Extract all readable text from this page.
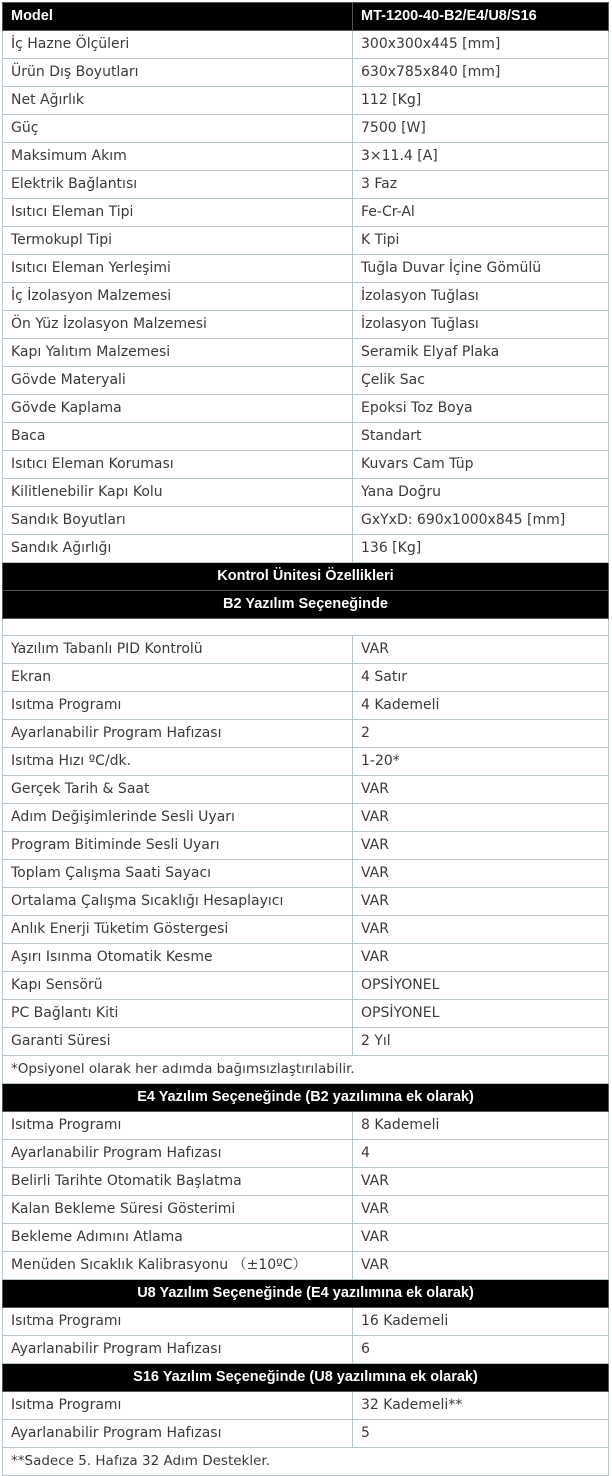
Model	MT-1200-40-B2/E4/U8/S16
İç Hazne Ölçüleri	300x300x445 [mm]
Ürün Dış Boyutları	630x785x840 [mm]
Net Ağırlık	112 [Kg]
Güç	7500 [W]
Maksimum Akım	3×11.4 [A]
Elektrik Bağlantısı	3 Faz
Isıtıcı Eleman Tipi	Fe-Cr-Al
Termokupl Tipi	K Tipi
Isıtıcı Eleman Yerleşimi	Tuğla Duvar İçine Gömülü
İç İzolasyon Malzemesi	İzolasyon Tuğlası
Ön Yüz İzolasyon Malzemesi	İzolasyon Tuğlası
Kapı Yalıtım Malzemesi	Seramik Elyaf Plaka
Gövde Materyali	Çelik Sac
Gövde Kaplama	Epoksi Toz Boya
Baca	Standart
Isıtıcı Eleman Koruması	Kuvars Cam Tüp
Kilitlenebilir Kapı Kolu	Yana Doğru
Sandık Boyutları	GxYxD: 690x1000x845 [mm]
Sandık Ağırlığı	136 [Kg]
Kontrol Ünitesi Özellikleri	
B2 Yazılım Seçeneğinde	

Yazılım Tabanlı PID Kontrolü	VAR
Ekran	4 Satır
Isıtma Programı	4 Kademeli
Ayarlanabilir Program Hafızası	2
Isıtma Hızı ºC/dk.	1-20*
Gerçek Tarih & Saat	VAR
Adım Değişimlerinde Sesli Uyarı	VAR
Program Bitiminde Sesli Uyarı	VAR
Toplam Çalışma Saati Sayacı	VAR
Ortalama Çalışma Sıcaklığı Hesaplayıcı	VAR
Anlık Enerji Tüketim Göstergesi	VAR
Aşırı Isınma Otomatik Kesme	VAR
Kapı Sensörü	OPSİYONEL
PC Bağlantı Kiti	OPSİYONEL
Garanti Süresi	2 Yıl
*Opsiyonel olarak her adımda bağımsızlaştırılabilir.	
E4 Yazılım Seçeneğinde (B2 yazılımına ek olarak)	
Isıtma Programı	8 Kademeli
Ayarlanabilir Program Hafızası	4
Belirli Tarihte Otomatik Başlatma	VAR
Kalan Bekleme Süresi Gösterimi	VAR
Bekleme Adımını Atlama	VAR
Menüden Sıcaklık Kalibrasyonu （±10ºC）	VAR
U8 Yazılım Seçeneğinde (E4 yazılımına ek olarak)	
Isıtma Programı	16 Kademeli
Ayarlanabilir Program Hafızası	6
S16 Yazılım Seçeneğinde (U8 yazılımına ek olarak)	
Isıtma Programı	32 Kademeli**
Ayarlanabilir Program Hafızası	5
**Sadece 5. Hafıza 32 Adım Destekler.	
